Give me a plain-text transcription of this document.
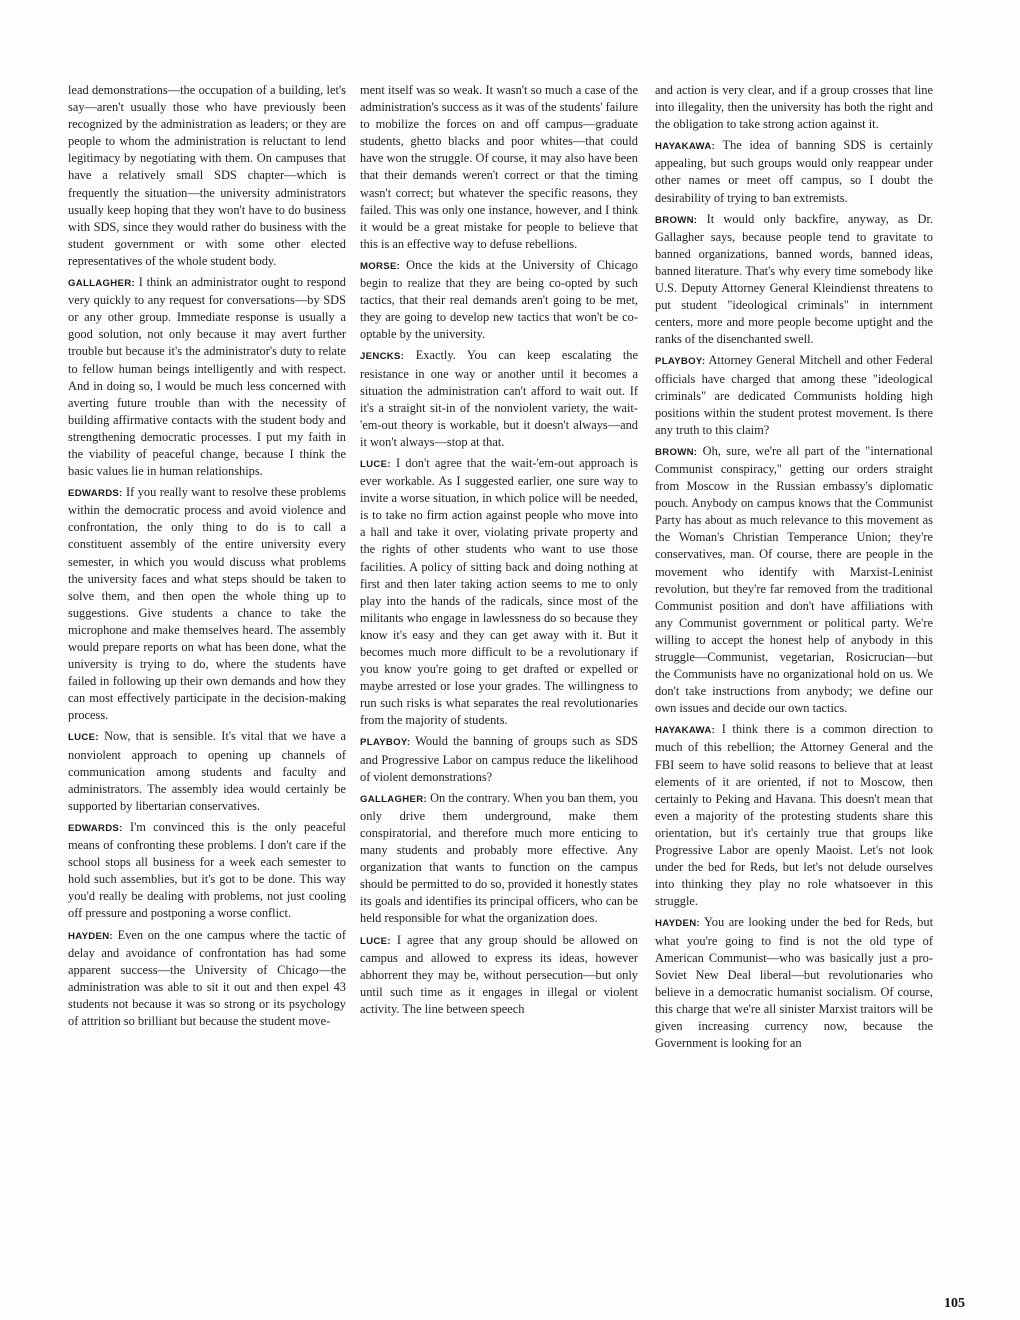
lead demonstrations—the occupation of a building, let's say—aren't usually those who have previously been recognized by the administration as leaders; or they are people to whom the administration is reluctant to lend legitimacy by negotiating with them. On campuses that have a relatively small SDS chapter—which is frequently the situation—the university administrators usually keep hoping that they won't have to do business with SDS, since they would rather do business with the student government or with some other elected representatives of the whole student body.

GALLAGHER: I think an administrator ought to respond very quickly to any request for conversations—by SDS or any other group. Immediate response is usually a good solution, not only because it may avert further trouble but because it's the administrator's duty to relate to fellow human beings intelligently and with respect. And in doing so, I would be much less concerned with averting future trouble than with the necessity of building affirmative contacts with the student body and strengthening democratic processes. I put my faith in the viability of peaceful change, because I think the basic values lie in human relationships.

EDWARDS: If you really want to resolve these problems within the democratic process and avoid violence and confrontation, the only thing to do is to call a constituent assembly of the entire university every semester, in which you would discuss what problems the university faces and what steps should be taken to solve them, and then open the whole thing up to suggestions. Give students a chance to take the microphone and make themselves heard. The assembly would prepare reports on what has been done, what the university is trying to do, where the students have failed in following up their own demands and how they can most effectively participate in the decision-making process.

LUCE: Now, that is sensible. It's vital that we have a nonviolent approach to opening up channels of communication among students and faculty and administrators. The assembly idea would certainly be supported by libertarian conservatives.

EDWARDS: I'm convinced this is the only peaceful means of confronting these problems. I don't care if the school stops all business for a week each semester to hold such assemblies, but it's got to be done. This way you'd really be dealing with problems, not just cooling off pressure and postponing a worse conflict.

HAYDEN: Even on the one campus where the tactic of delay and avoidance of confrontation has had some apparent success—the University of Chicago—the administration was able to sit it out and then expel 43 students not because it was so strong or its psychology of attrition so brilliant but because the student move-

ment itself was so weak. It wasn't so much a case of the administration's success as it was of the students' failure to mobilize the forces on and off campus—graduate students, ghetto blacks and poor whites—that could have won the struggle. Of course, it may also have been that their demands weren't correct or that the timing wasn't correct; but whatever the specific reasons, they failed. This was only one instance, however, and I think it would be a great mistake for people to believe that this is an effective way to defuse rebellions.

MORSE: Once the kids at the University of Chicago begin to realize that they are being co-opted by such tactics, that their real demands aren't going to be met, they are going to develop new tactics that won't be co-optable by the university.

JENCKS: Exactly. You can keep escalating the resistance in one way or another until it becomes a situation the administration can't afford to wait out. If it's a straight sit-in of the nonviolent variety, the wait-'em-out theory is workable, but it doesn't always—and it won't always—stop at that.

LUCE: I don't agree that the wait-'em-out approach is ever workable. As I suggested earlier, one sure way to invite a worse situation, in which police will be needed, is to take no firm action against people who move into a hall and take it over, violating private property and the rights of other students who want to use those facilities. A policy of sitting back and doing nothing at first and then later taking action seems to me to only play into the hands of the radicals, since most of the militants who engage in lawlessness do so because they know it's easy and they can get away with it. But it becomes much more difficult to be a revolutionary if you know you're going to get drafted or expelled or maybe arrested or lose your grades. The willingness to run such risks is what separates the real revolutionaries from the majority of students.

PLAYBOY: Would the banning of groups such as SDS and Progressive Labor on campus reduce the likelihood of violent demonstrations?

GALLAGHER: On the contrary. When you ban them, you only drive them underground, make them conspiratorial, and therefore much more enticing to many students and probably more effective. Any organization that wants to function on the campus should be permitted to do so, provided it honestly states its goals and identifies its principal officers, who can be held responsible for what the organization does.

LUCE: I agree that any group should be allowed on campus and allowed to express its ideas, however abhorrent they may be, without persecution—but only until such time as it engages in illegal or violent activity. The line between speech

and action is very clear, and if a group crosses that line into illegality, then the university has both the right and the obligation to take strong action against it.

HAYAKAWA: The idea of banning SDS is certainly appealing, but such groups would only reappear under other names or meet off campus, so I doubt the desirability of trying to ban extremists.

BROWN: It would only backfire, anyway, as Dr. Gallagher says, because people tend to gravitate to banned organizations, banned words, banned ideas, banned literature. That's why every time somebody like U.S. Deputy Attorney General Kleindienst threatens to put student "ideological criminals" in internment centers, more and more people become uptight and the ranks of the disenchanted swell.

PLAYBOY: Attorney General Mitchell and other Federal officials have charged that among these "ideological criminals" are dedicated Communists holding high positions within the student protest movement. Is there any truth to this claim?

BROWN: Oh, sure, we're all part of the "international Communist conspiracy," getting our orders straight from Moscow in the Russian embassy's diplomatic pouch. Anybody on campus knows that the Communist Party has about as much relevance to this movement as the Woman's Christian Temperance Union; they're conservatives, man. Of course, there are people in the movement who identify with Marxist-Leninist revolution, but they're far removed from the traditional Communist position and don't have affiliations with any Communist government or political party. We're willing to accept the honest help of anybody in this struggle—Communist, vegetarian, Rosicrucian—but the Communists have no organizational hold on us. We don't take instructions from anybody; we define our own issues and decide our own tactics.

HAYAKAWA: I think there is a common direction to much of this rebellion; the Attorney General and the FBI seem to have solid reasons to believe that at least elements of it are oriented, if not to Moscow, then certainly to Peking and Havana. This doesn't mean that even a majority of the protesting students share this orientation, but it's certainly true that groups like Progressive Labor are openly Maoist. Let's not look under the bed for Reds, but let's not delude ourselves into thinking they play no role whatsoever in this struggle.

HAYDEN: You are looking under the bed for Reds, but what you're going to find is not the old type of American Communist—who was basically just a pro-Soviet New Deal liberal—but revolutionaries who believe in a democratic humanist socialism. Of course, this charge that we're all sinister Marxist traitors will be given increasing currency now, because the Government is looking for an

105
